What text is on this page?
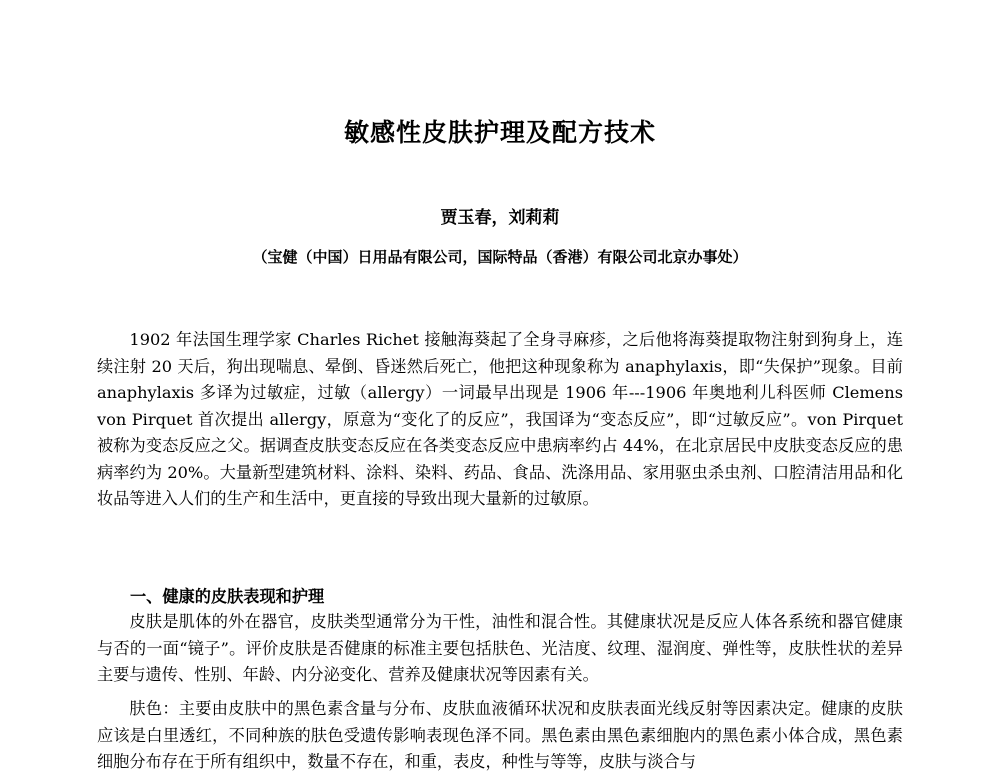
敏感性皮肤护理及配方技术

贾玉春，刘莉莉

（宝健（中国）日用品有限公司，国际特品（香港）有限公司北京办事处）

1902 年法国生理学家 Charles Richet 接触海葵起了全身寻麻疹，之后他将海葵提取物注射到狗身上，连续注射 20 天后，狗出现喘息、晕倒、昏迷然后死亡，他把这种现象称为 anaphylaxis，即“失保护”现象。目前 anaphylaxis 多译为过敏症，过敏（allergy）一词最早出现是 1906 年---1906 年奥地利儿科医师 Clemens von Pirquet 首次提出 allergy，原意为“变化了的反应”，我国译为“变态反应”，即“过敏反应”。von Pirquet 被称为变态反应之父。据调查皮肤变态反应在各类变态反应中患病率约占 44%，在北京居民中皮肤变态反应的患病率约为 20%。大量新型建筑材料、涂料、染料、药品、食品、洗涤用品、家用驱虫杀虫剂、口腔清洁用品和化妆品等进入人们的生产和生活中，更直接的导致出现大量新的过敏原。

一、健康的皮肤表现和护理

皮肤是肌体的外在器官，皮肤类型通常分为干性，油性和混合性。其健康状况是反应人体各系统和器官健康与否的一面“镜子”。评价皮肤是否健康的标准主要包括肤色、光洁度、纹理、湿润度、弹性等，皮肤性状的差异主要与遗传、性别、年龄、内分泌变化、营养及健康状况等因素有关。

肤色：主要由皮肤中的黑色素含量与分布、皮肤血液循环状况和皮肤表面光线反射等因素决定。健康的皮肤应该是白里透红，不同种族的肤色受遗传影响表现色泽不同。黑色素由黑色素细胞内的黑色素小体合成，黑色素细胞分布存在于所有组织中，数量不存在，和重，表皮，种性与等等，皮肤与淡合与
